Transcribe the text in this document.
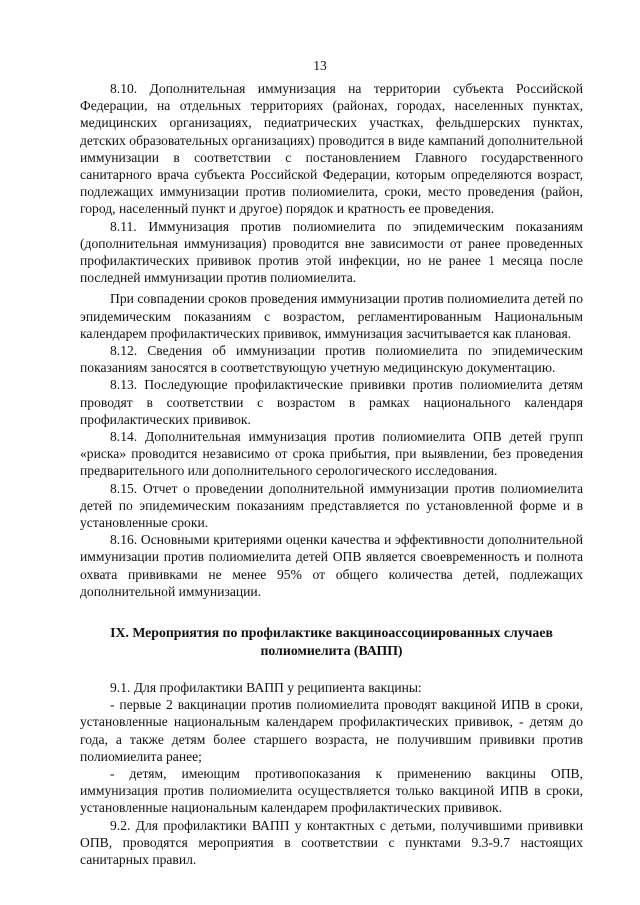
13

8.10. Дополнительная иммунизация на территории субъекта Российской Федерации, на отдельных территориях (районах, городах, населенных пунктах, медицинских организациях, педиатрических участках, фельдшерских пунктах, детских образовательных организациях) проводится в виде кампаний дополнительной иммунизации в соответствии с постановлением Главного государственного санитарного врача субъекта Российской Федерации, которым определяются возраст, подлежащих иммунизации против полиомиелита, сроки, место проведения (район, город, населенный пункт и другое) порядок и кратность ее проведения.

8.11. Иммунизация против полиомиелита по эпидемическим показаниям (дополнительная иммунизация) проводится вне зависимости от ранее проведенных профилактических прививок против этой инфекции, но не ранее 1 месяца после последней иммунизации против полиомиелита.

При совпадении сроков проведения иммунизации против полиомиелита детей по эпидемическим показаниям с возрастом, регламентированным Национальным календарем профилактических прививок, иммунизация засчитывается как плановая.

8.12. Сведения об иммунизации против полиомиелита по эпидемическим показаниям заносятся в соответствующую учетную медицинскую документацию.

8.13. Последующие профилактические прививки против полиомиелита детям проводят в соответствии с возрастом в рамках национального календаря профилактических прививок.

8.14. Дополнительная иммунизация против полиомиелита ОПВ детей групп «риска» проводится независимо от срока прибытия, при выявлении, без проведения предварительного или дополнительного серологического исследования.

8.15. Отчет о проведении дополнительной иммунизации против полиомиелита детей по эпидемическим показаниям представляется по установленной форме и в установленные сроки.

8.16. Основными критериями оценки качества и эффективности дополнительной иммунизации против полиомиелита детей ОПВ является своевременность и полнота охвата прививками не менее 95% от общего количества детей, подлежащих дополнительной иммунизации.

IX. Мероприятия по профилактике вакциноассоциированных случаев полиомиелита (ВАПП)

9.1. Для профилактики ВАПП у реципиента вакцины:

- первые 2 вакцинации против полиомиелита проводят вакциной ИПВ в сроки, установленные национальным календарем профилактических прививок, - детям до года, а также детям более старшего возраста, не получившим прививки против полиомиелита ранее;

- детям, имеющим противопоказания к применению вакцины ОПВ, иммунизация против полиомиелита осуществляется только вакциной ИПВ в сроки, установленные национальным календарем профилактических прививок.

9.2. Для профилактики ВАПП у контактных с детьми, получившими прививки ОПВ, проводятся мероприятия в соответствии с пунктами 9.3-9.7 настоящих санитарных правил.
